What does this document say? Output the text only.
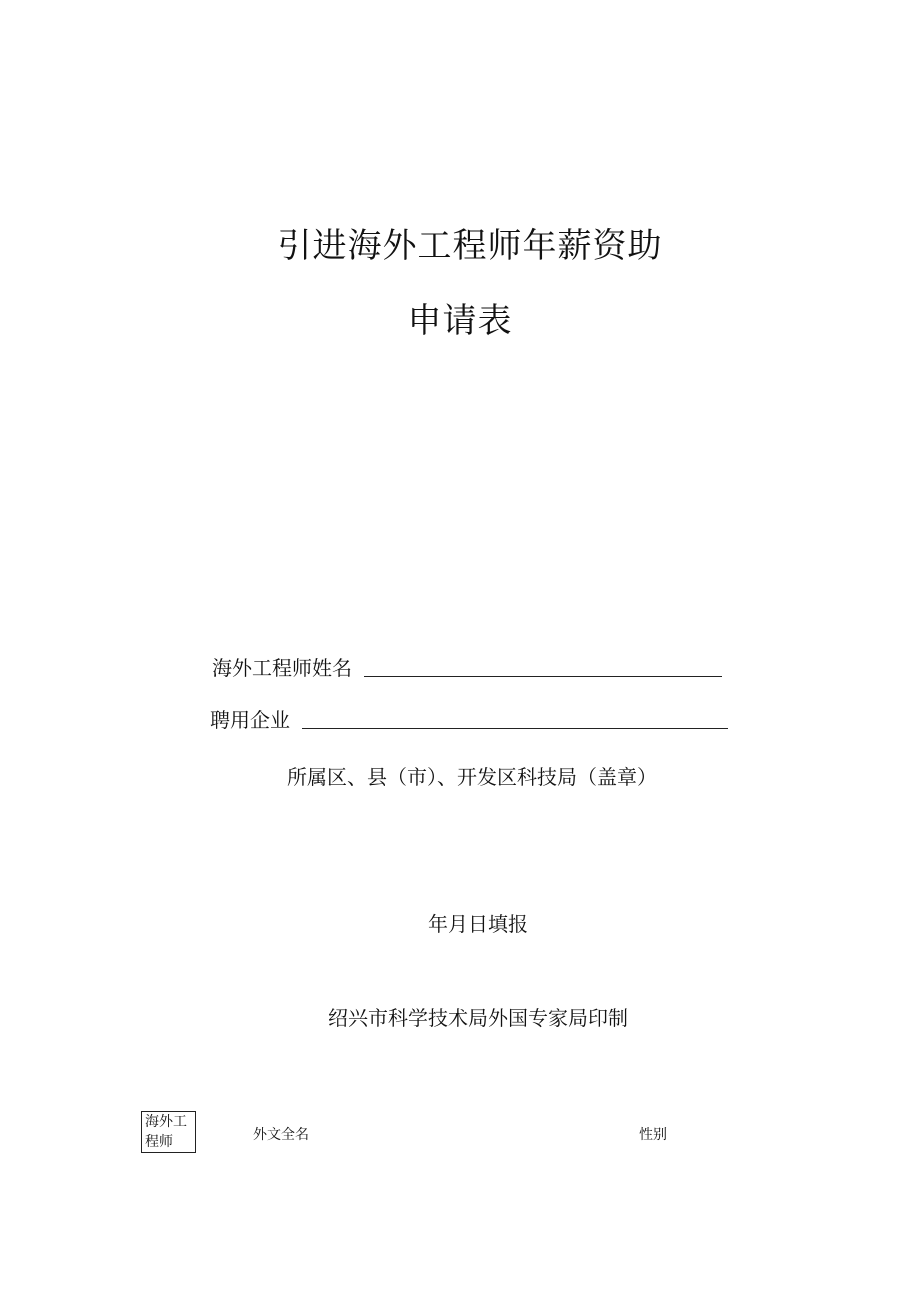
引进海外工程师年薪资助
申请表
海外工程师姓名
聘用企业
所属区、县（市）、开发区科技局（盖章）
年月日填报
绍兴市科学技术局外国专家局印制
海外工程师	外文全名	性别
